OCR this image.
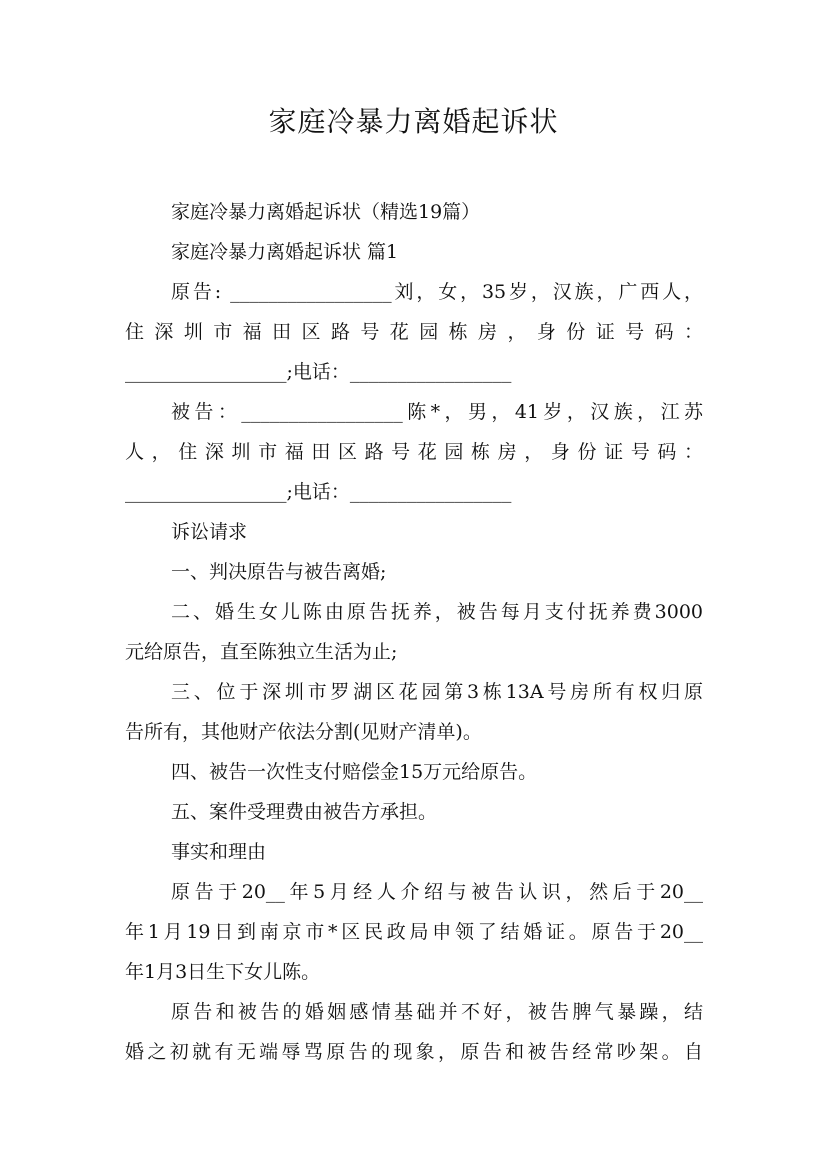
家庭冷暴力离婚起诉状
家庭冷暴力离婚起诉状（精选19篇）
家庭冷暴力离婚起诉状 篇1
原告: _________________刘，女，35岁，汉族，广西人，
住深圳市福田区路号花园栋房，身份证号码：
_________________;电话：_________________
被告：_________________陈*，男，41岁，汉族，江苏
人，住深圳市福田区路号花园栋房，身份证号码：
_________________;电话：_________________
诉讼请求
一、判决原告与被告离婚;
二、婚生女儿陈由原告抚养，被告每月支付抚养费3000
元给原告，直至陈独立生活为止;
三、位于深圳市罗湖区花园第3栋13A号房所有权归原
告所有，其他财产依法分割(见财产清单)。
四、被告一次性支付赔偿金15万元给原告。
五、案件受理费由被告方承担。
事实和理由
原告于20__年5月经人介绍与被告认识，然后于20__
年1月19日到南京市*区民政局申领了结婚证。原告于20__
年1月3日生下女儿陈。
原告和被告的婚姻感情基础并不好，被告脾气暴躁，结
婚之初就有无端辱骂原告的现象，原告和被告经常吵架。自
